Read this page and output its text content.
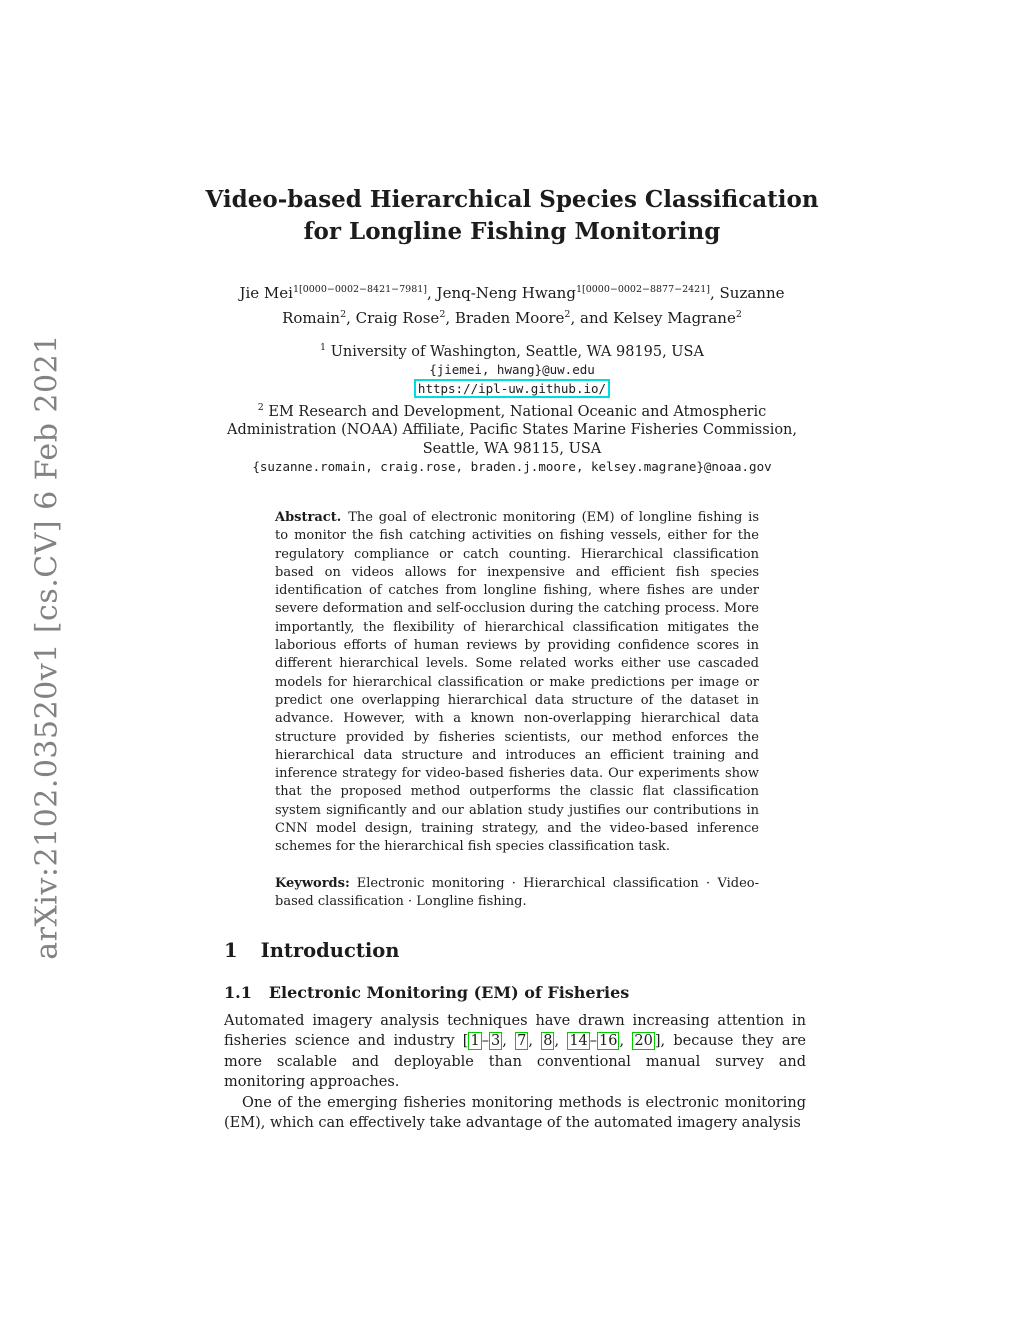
arXiv:2102.03520v1 [cs.CV] 6 Feb 2021
Video-based Hierarchical Species Classification
for Longline Fishing Monitoring
Jie Mei$^{1[0000-0002-8421-7981]}$, Jenq-Neng Hwang$^{1[0000-0002-8877-2421]}$, Suzanne Romain$^2$, Craig Rose$^2$, Braden Moore$^2$, and Kelsey Magrane$^2$
$^1$ University of Washington, Seattle, WA 98195, USA
{jiemei, hwang}@uw.edu
https://ipl-uw.github.io/
$^2$ EM Research and Development, National Oceanic and Atmospheric Administration (NOAA) Affiliate, Pacific States Marine Fisheries Commission, Seattle, WA 98115, USA
{suzanne.romain, craig.rose, braden.j.moore, kelsey.magrane}@noaa.gov
Abstract. The goal of electronic monitoring (EM) of longline fishing is to monitor the fish catching activities on fishing vessels, either for the regulatory compliance or catch counting. Hierarchical classification based on videos allows for inexpensive and efficient fish species identification of catches from longline fishing, where fishes are under severe deformation and self-occlusion during the catching process. More importantly, the flexibility of hierarchical classification mitigates the laborious efforts of human reviews by providing confidence scores in different hierarchical levels. Some related works either use cascaded models for hierarchical classification or make predictions per image or predict one overlapping hierarchical data structure of the dataset in advance. However, with a known non-overlapping hierarchical data structure provided by fisheries scientists, our method enforces the hierarchical data structure and introduces an efficient training and inference strategy for video-based fisheries data. Our experiments show that the proposed method outperforms the classic flat classification system significantly and our ablation study justifies our contributions in CNN model design, training strategy, and the video-based inference schemes for the hierarchical fish species classification task.
Keywords: Electronic monitoring · Hierarchical classification · Video-based classification · Longline fishing.
1 Introduction
1.1 Electronic Monitoring (EM) of Fisheries

Automated imagery analysis techniques have drawn increasing attention in fisheries science and industry [ 1 – 3 , 7 , 8 , 14 – 16 , 20 ], because they are more scalable and deployable than conventional manual survey and monitoring approaches.

One of the emerging fisheries monitoring methods is electronic monitoring (EM), which can effectively take advantage of the automated imagery analysis
